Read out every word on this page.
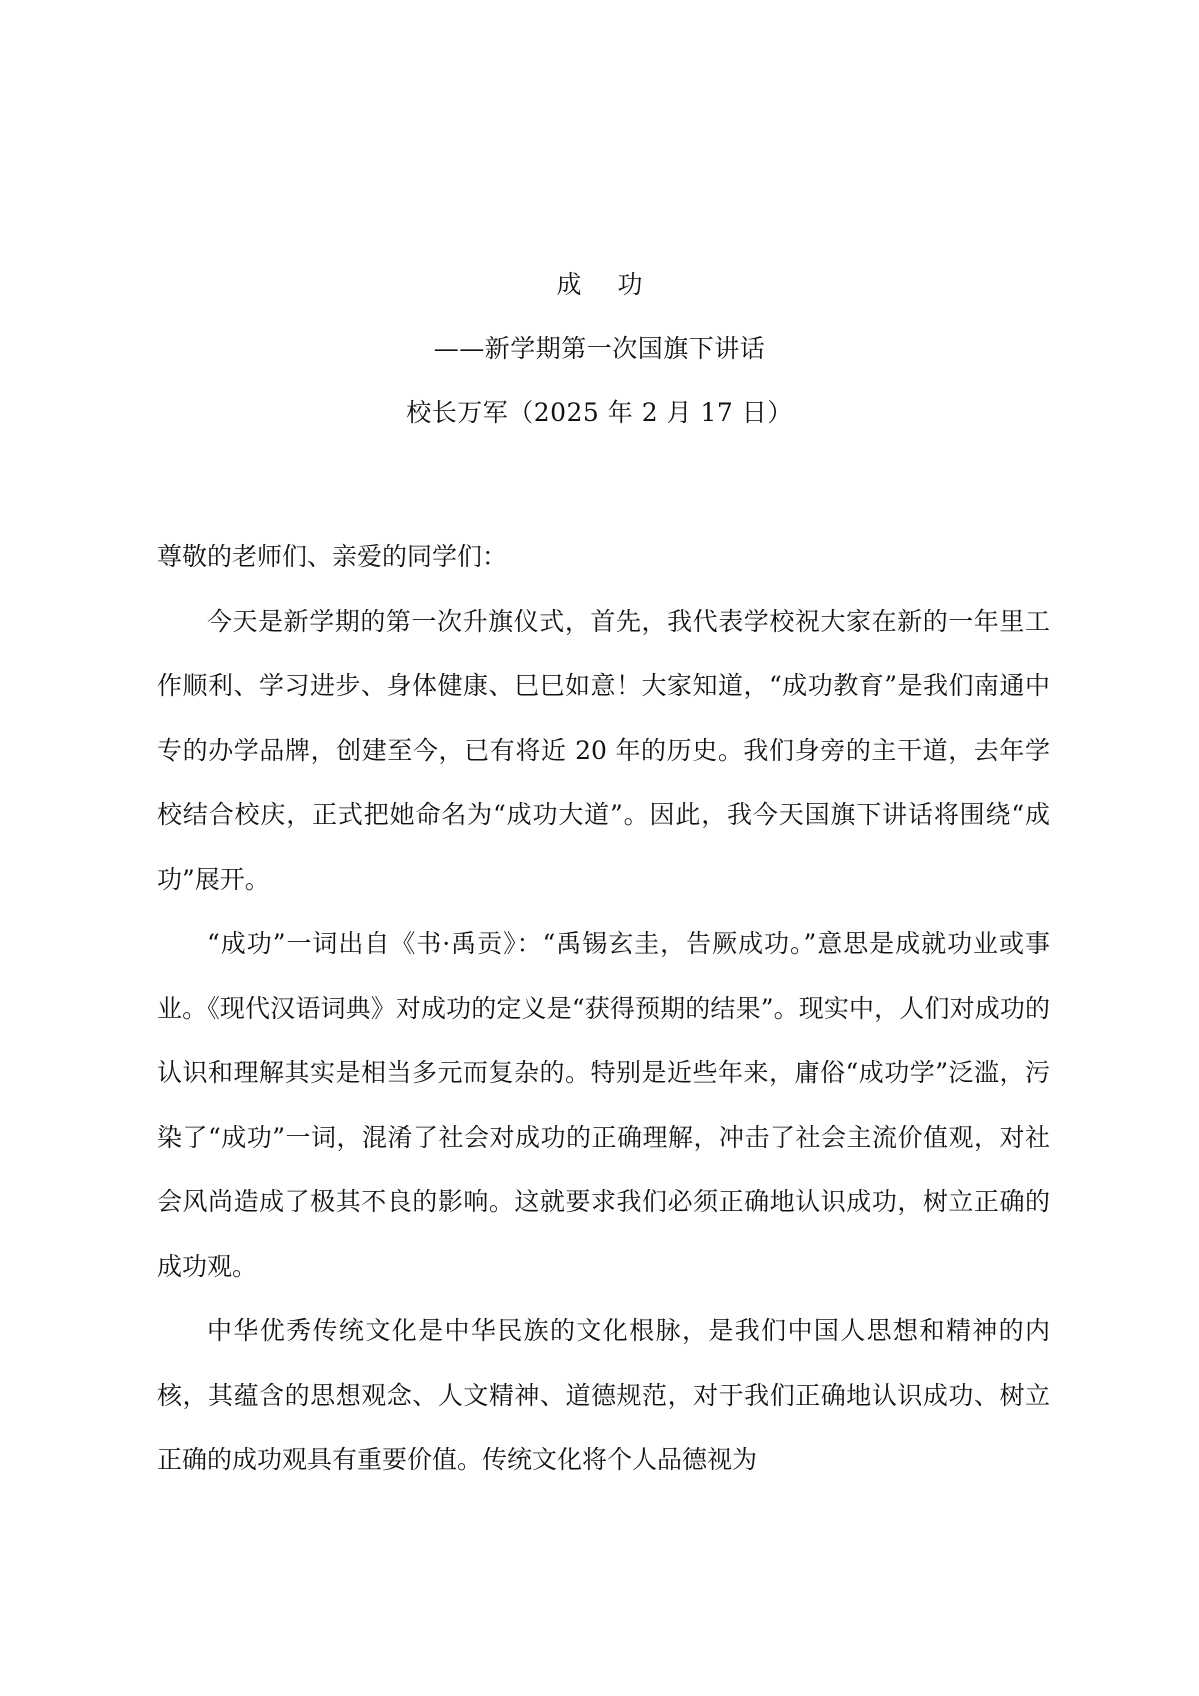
成 功
——新学期第一次国旗下讲话
校长万军（2025 年 2 月 17 日）

尊敬的老师们、亲爱的同学们：

今天是新学期的第一次升旗仪式，首先，我代表学校祝大家在新的一年里工作顺利、学习进步、身体健康、巳巳如意！大家知道，“成功教育”是我们南通中专的办学品牌，创建至今，已有将近 20 年的历史。我们身旁的主干道，去年学校结合校庆，正式把她命名为“成功大道”。因此，我今天国旗下讲话将围绕“成功”展开。

“成功”一词出自《书·禹贡》：“禹锡玄圭，告厥成功。”意思是成就功业或事业。《现代汉语词典》对成功的定义是“获得预期的结果”。现实中，人们对成功的认识和理解其实是相当多元而复杂的。特别是近些年来，庸俗“成功学”泛滥，污染了“成功”一词，混淆了社会对成功的正确理解，冲击了社会主流价值观，对社会风尚造成了极其不良的影响。这就要求我们必须正确地认识成功，树立正确的成功观。

中华优秀传统文化是中华民族的文化根脉，是我们中国人思想和精神的内核，其蕴含的思想观念、人文精神、道德规范，对于我们正确地认识成功、树立正确的成功观具有重要价值。传统文化将个人品德视为
